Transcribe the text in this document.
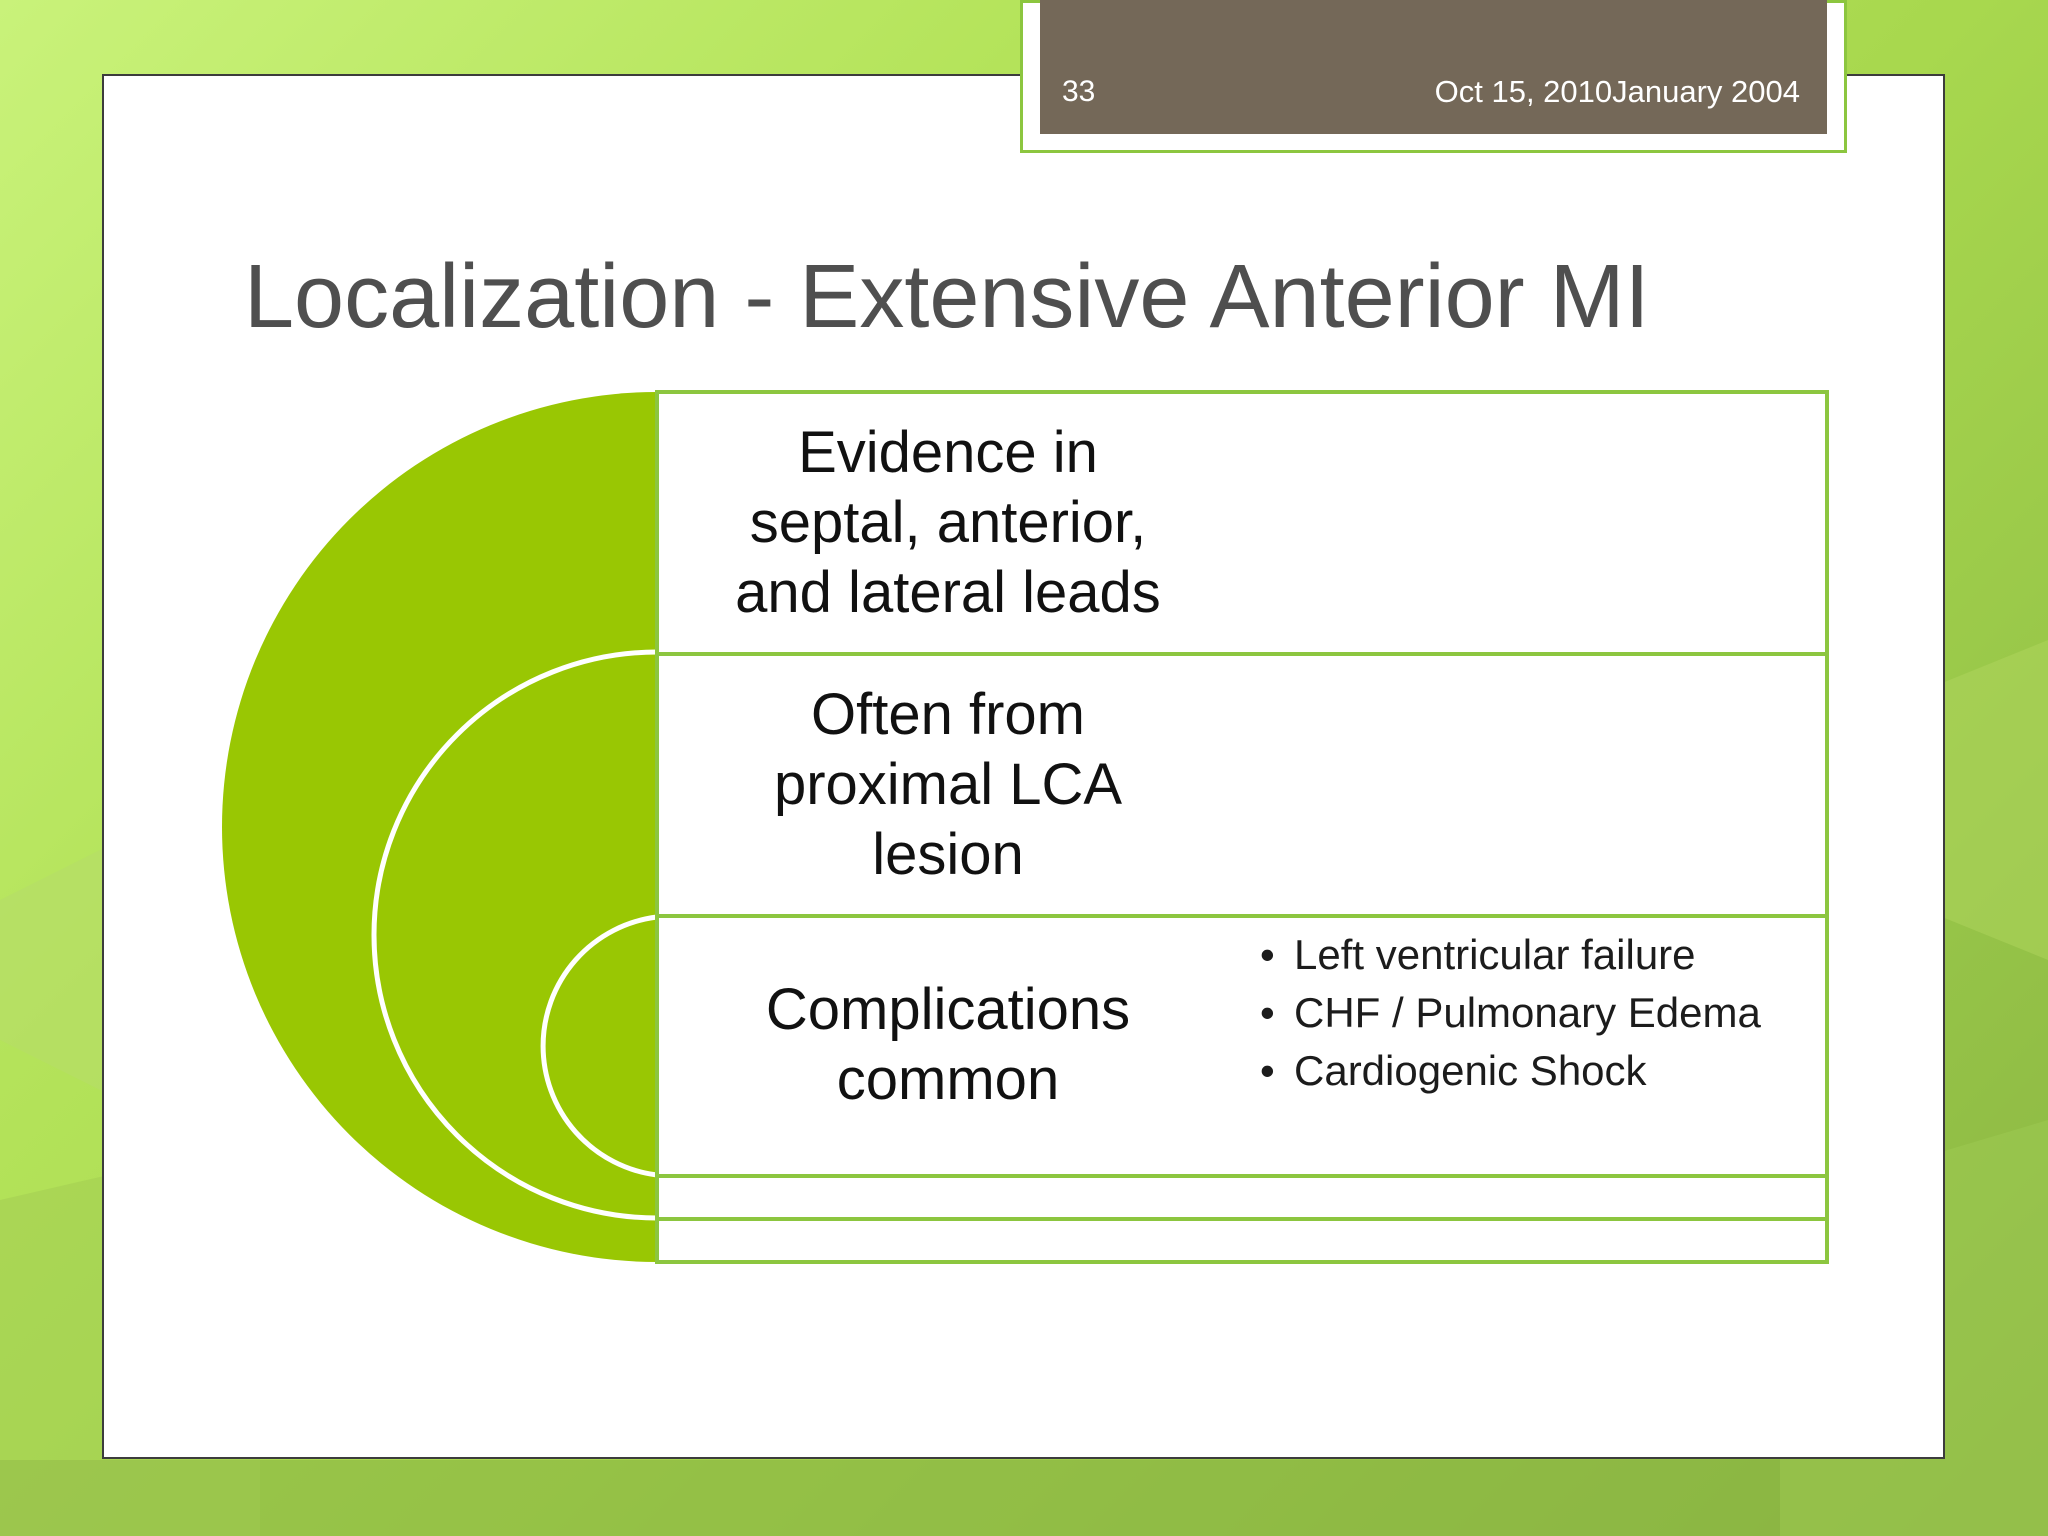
33	Oct 15, 2010January 2004
Localization - Extensive Anterior MI
Evidence in
septal, anterior,
and lateral leads
Often from
proximal LCA
lesion
Complications
common
• Left ventricular failure
• CHF / Pulmonary Edema
• Cardiogenic Shock
